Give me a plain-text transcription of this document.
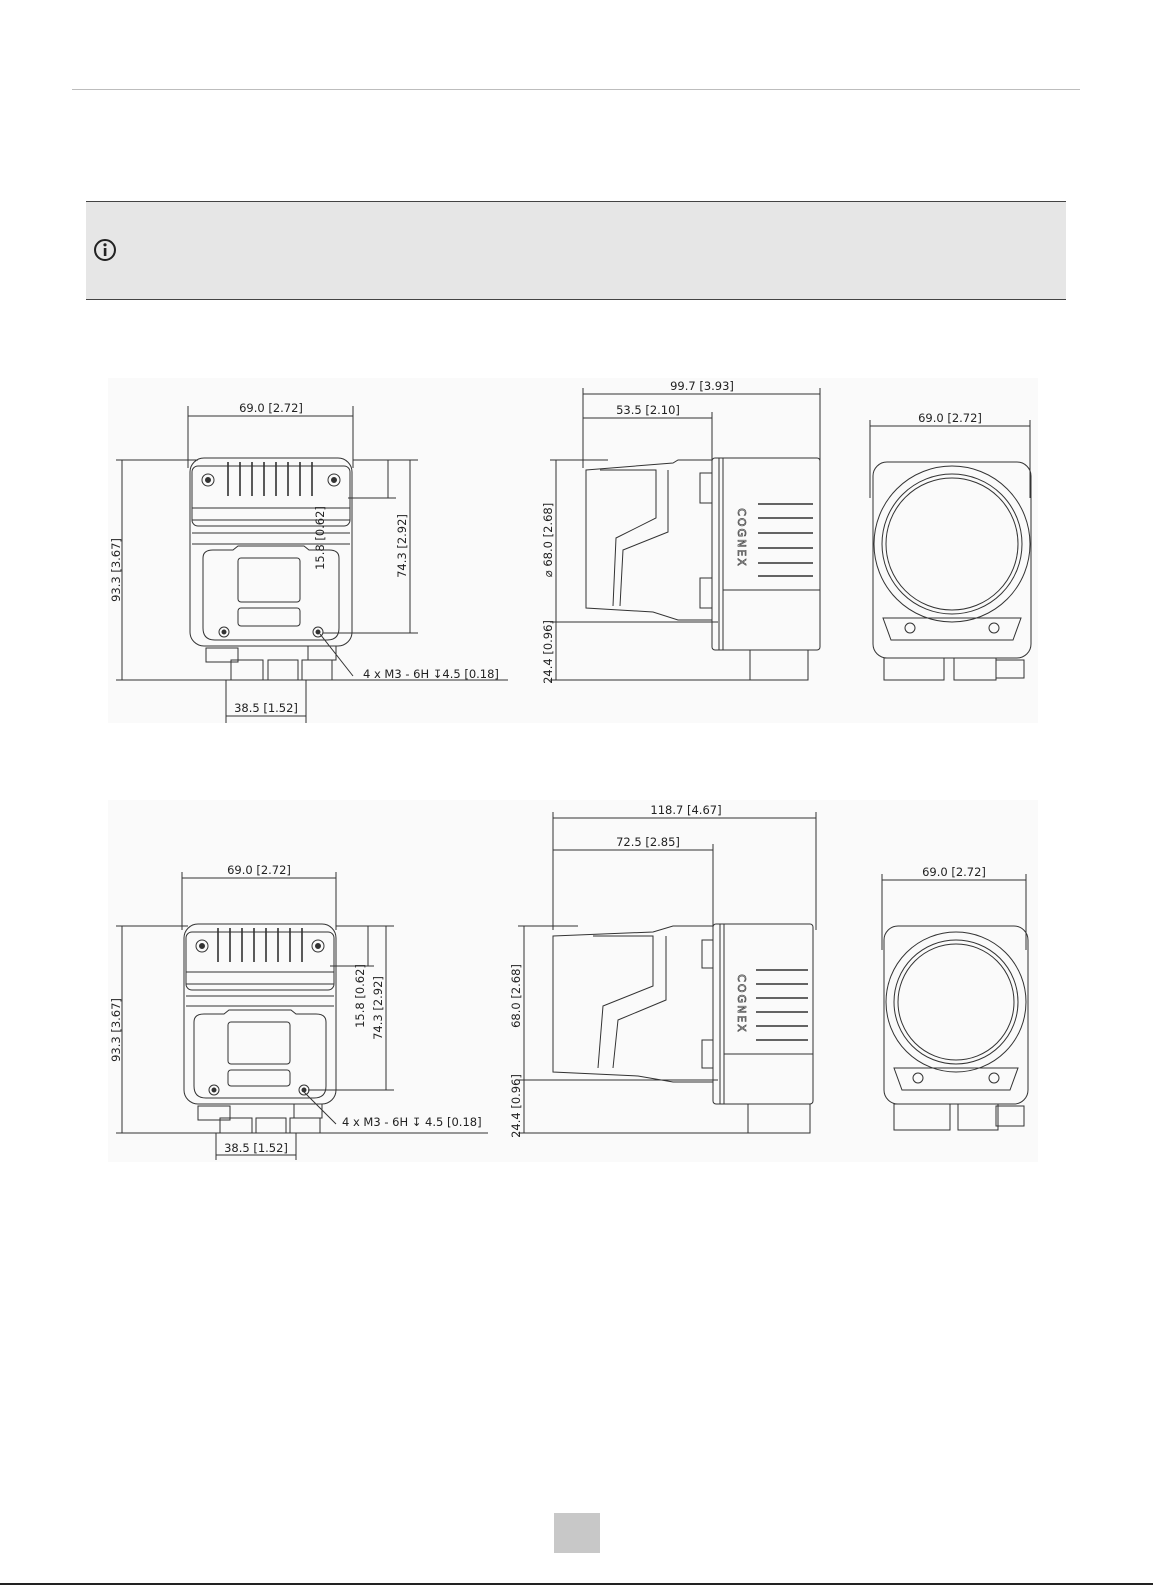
69.0 [2.72]
93.3 [3.67]
15.8 [0.62]	74.3 [2.92]
4 x M3 - 6H ↧4.5 [0.18]
38.5 [1.52]
99.7 [3.93]
53.5 [2.10]
⌀ 68.0 [2.68]
24.4 [0.96]
COGNEX
69.0 [2.72]
69.0 [2.72]
93.3 [3.67]
15.8 [0.62] 74.3 [2.92]
4 x M3 - 6H ↧ 4.5 [0.18]
38.5 [1.52]
118.7 [4.67]
72.5 [2.85]
68.0 [2.68]
24.4 [0.96]
COGNEX
69.0 [2.72]
